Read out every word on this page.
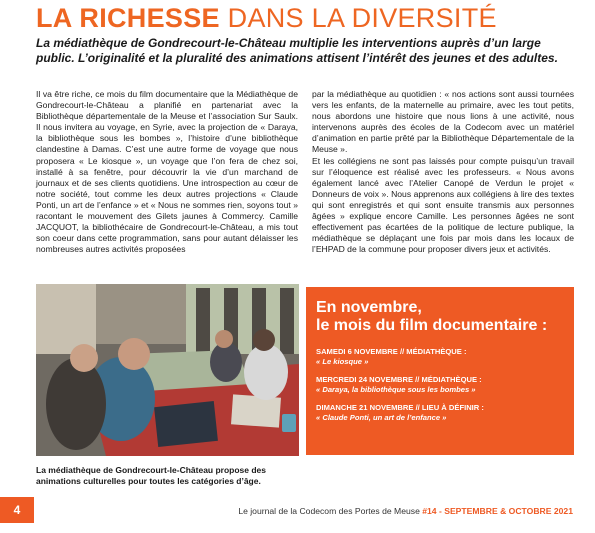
LA RICHESSE DANS LA DIVERSITÉ

La médiathèque de Gondrecourt-le-Château multiplie les interventions auprès d’un large public. L’originalité et la pluralité des animations attisent l’intérêt des jeunes et des adultes.

Il va être riche, ce mois du film documentaire que la Médiathèque de Gondrecourt-le-Château a planifié en partenariat avec la Bibliothèque départementale de la Meuse et l’association Sur Saulx. Il nous invitera au voyage, en Syrie, avec la projection de « Daraya, la bibliothèque sous les bombes », l’histoire d’une bibliothèque clandestine à Damas. C’est une autre forme de voyage que nous proposera « Le kiosque », un voyage que l’on fera de chez soi, installé à sa fenêtre, pour découvrir la vie d’un marchand de journaux et de ses clients quotidiens. Une introspection au cœur de notre société, tout comme les deux autres projections « Claude Ponti, un art de l’enfance » et « Nous ne sommes rien, soyons tout » racontant le mouvement des Gilets jaunes à Commercy. Camille JACQUOT, la bibliothécaire de Gondrecourt-le-Château, a mis tout son coeur dans cette programmation, sans pour autant délaisser les nombreuses autres activités proposées

par la médiathèque au quotidien : « nos actions sont aussi tournées vers les enfants, de la maternelle au primaire, avec les tout petits, nous abordons une histoire que nous lions à une activité, nous intervenons auprès des écoles de la Codecom avec un matériel d’animation en partie prêté par la Bibliothèque Départementale de la Meuse ».

Et les collégiens ne sont pas laissés pour compte puisqu’un travail sur l’éloquence est réalisé avec les professeurs. « Nous avons également lancé avec l’Atelier Canopé de Verdun le projet « Donneurs de voix ». Nous apprenons aux collégiens à lire des textes qui sont enregistrés et qui sont ensuite transmis aux personnes âgées » explique encore Camille. Les personnes âgées ne sont effectivement pas écartées de la politique de lecture publique, la médiathèque se déplaçant une fois par mois dans les locaux de l’EHPAD de la commune pour proposer divers jeux et activités.

La médiathèque de Gondrecourt-le-Château propose des animations culturelles pour toutes les catégories d’âge.

En novembre,
le mois du film documentaire :
SAMEDI 6 NOVEMBRE // MÉDIATHÈQUE :
« Le kiosque »
MERCREDI 24 NOVEMBRE // MÉDIATHÈQUE :
« Daraya, la bibliothèque sous les bombes »
DIMANCHE 21 NOVEMBRE // LIEU À DÉFINIR :
« Claude Ponti, un art de l’enfance »
4	Le journal de la Codecom des Portes de Meuse #14 - SEPTEMBRE & OCTOBRE 2021
